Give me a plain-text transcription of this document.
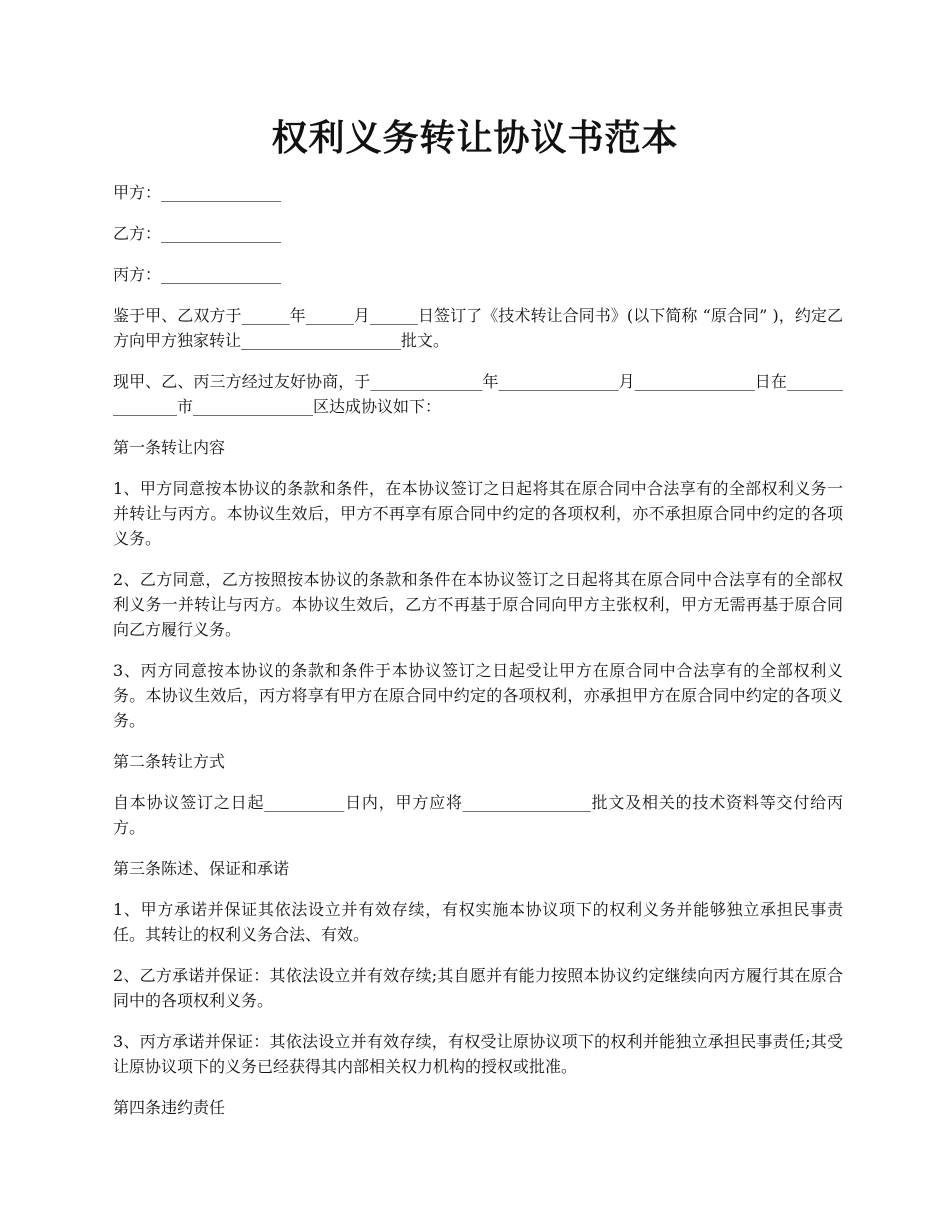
权利义务转让协议书范本

甲方：_______________

乙方：_______________

丙方：_______________

鉴于甲、乙双方于______年______月______日签订了《技术转让合同书》(以下简称 “原合同” )，约定乙方向甲方独家转让____________________批文。

现甲、乙、丙三方经过友好协商，于______________年_______________月_______________日在_______________市_______________区达成协议如下：

第一条转让内容

1、甲方同意按本协议的条款和条件，在本协议签订之日起将其在原合同中合法享有的全部权利义务一并转让与丙方。本协议生效后，甲方不再享有原合同中约定的各项权利，亦不承担原合同中约定的各项义务。

2、乙方同意，乙方按照按本协议的条款和条件在本协议签订之日起将其在原合同中合法享有的全部权利义务一并转让与丙方。本协议生效后，乙方不再基于原合同向甲方主张权利，甲方无需再基于原合同向乙方履行义务。

3、丙方同意按本协议的条款和条件于本协议签订之日起受让甲方在原合同中合法享有的全部权利义务。本协议生效后，丙方将享有甲方在原合同中约定的各项权利，亦承担甲方在原合同中约定的各项义务。

第二条转让方式

自本协议签订之日起__________日内，甲方应将________________批文及相关的技术资料等交付给丙方。

第三条陈述、保证和承诺

1、甲方承诺并保证其依法设立并有效存续，有权实施本协议项下的权利义务并能够独立承担民事责任。其转让的权利义务合法、有效。

2、乙方承诺并保证：其依法设立并有效存续;其自愿并有能力按照本协议约定继续向丙方履行其在原合同中的各项权利义务。

3、丙方承诺并保证：其依法设立并有效存续，有权受让原协议项下的权利并能独立承担民事责任;其受让原协议项下的义务已经获得其内部相关权力机构的授权或批准。

第四条违约责任
